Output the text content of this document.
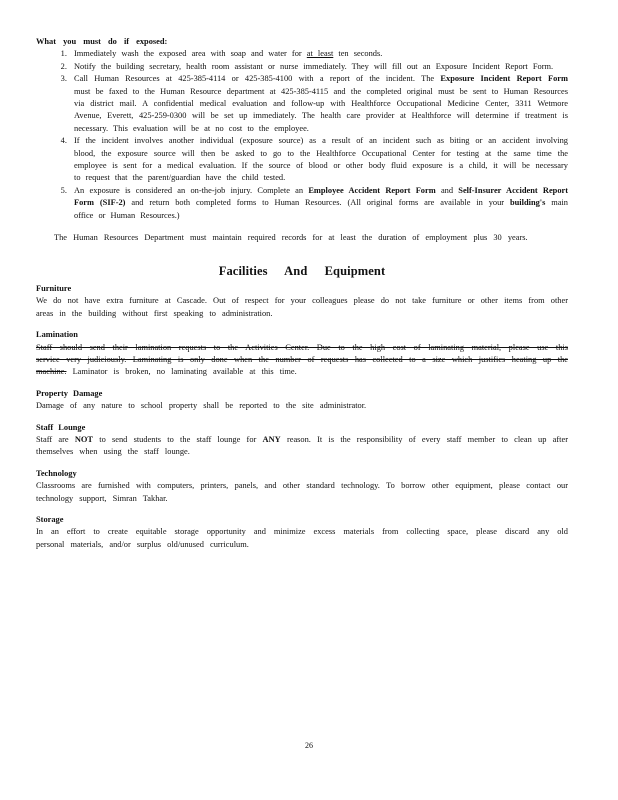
What you must do if exposed:
1. Immediately wash the exposed area with soap and water for at least ten seconds.
2. Notify the building secretary, health room assistant or nurse immediately. They will fill out an Exposure Incident Report Form.
3. Call Human Resources at 425-385-4114 or 425-385-4100 with a report of the incident. The Exposure Incident Report Form must be faxed to the Human Resource department at 425-385-4115 and the completed original must be sent to Human Resources via district mail. A confidential medical evaluation and follow-up with Healthforce Occupational Medicine Center, 3311 Wetmore Avenue, Everett, 425-259-0300 will be set up immediately. The health care provider at Healthforce will determine if treatment is necessary. This evaluation will be at no cost to the employee.
4. If the incident involves another individual (exposure source) as a result of an incident such as biting or an accident involving blood, the exposure source will then be asked to go to the Healthforce Occupational Center for testing at the same time the employee is sent for a medical evaluation. If the source of blood or other body fluid exposure is a child, it will be necessary to request that the parent/guardian have the child tested.
5. An exposure is considered an on-the-job injury. Complete an Employee Accident Report Form and Self-Insurer Accident Report Form (SIF-2) and return both completed forms to Human Resources. (All original forms are available in your building's main office or Human Resources.)
The Human Resources Department must maintain required records for at least the duration of employment plus 30 years.
Facilities And Equipment
Furniture
We do not have extra furniture at Cascade. Out of respect for your colleagues please do not take furniture or other items from other areas in the building without first speaking to administration.
Lamination
Staff should send their lamination requests to the Activities Center. Due to the high cost of laminating material, please use this service very judiciously. Laminating is only done when the number of requests has collected to a size which justifies heating up the machine. Laminator is broken, no laminating available at this time.
Property Damage
Damage of any nature to school property shall be reported to the site administrator.
Staff Lounge
Staff are NOT to send students to the staff lounge for ANY reason. It is the responsibility of every staff member to clean up after themselves when using the staff lounge.
Technology
Classrooms are furnished with computers, printers, panels, and other standard technology. To borrow other equipment, please contact our technology support, Simran Takhar.
Storage
In an effort to create equitable storage opportunity and minimize excess materials from collecting space, please discard any old personal materials, and/or surplus old/unused curriculum.
26
